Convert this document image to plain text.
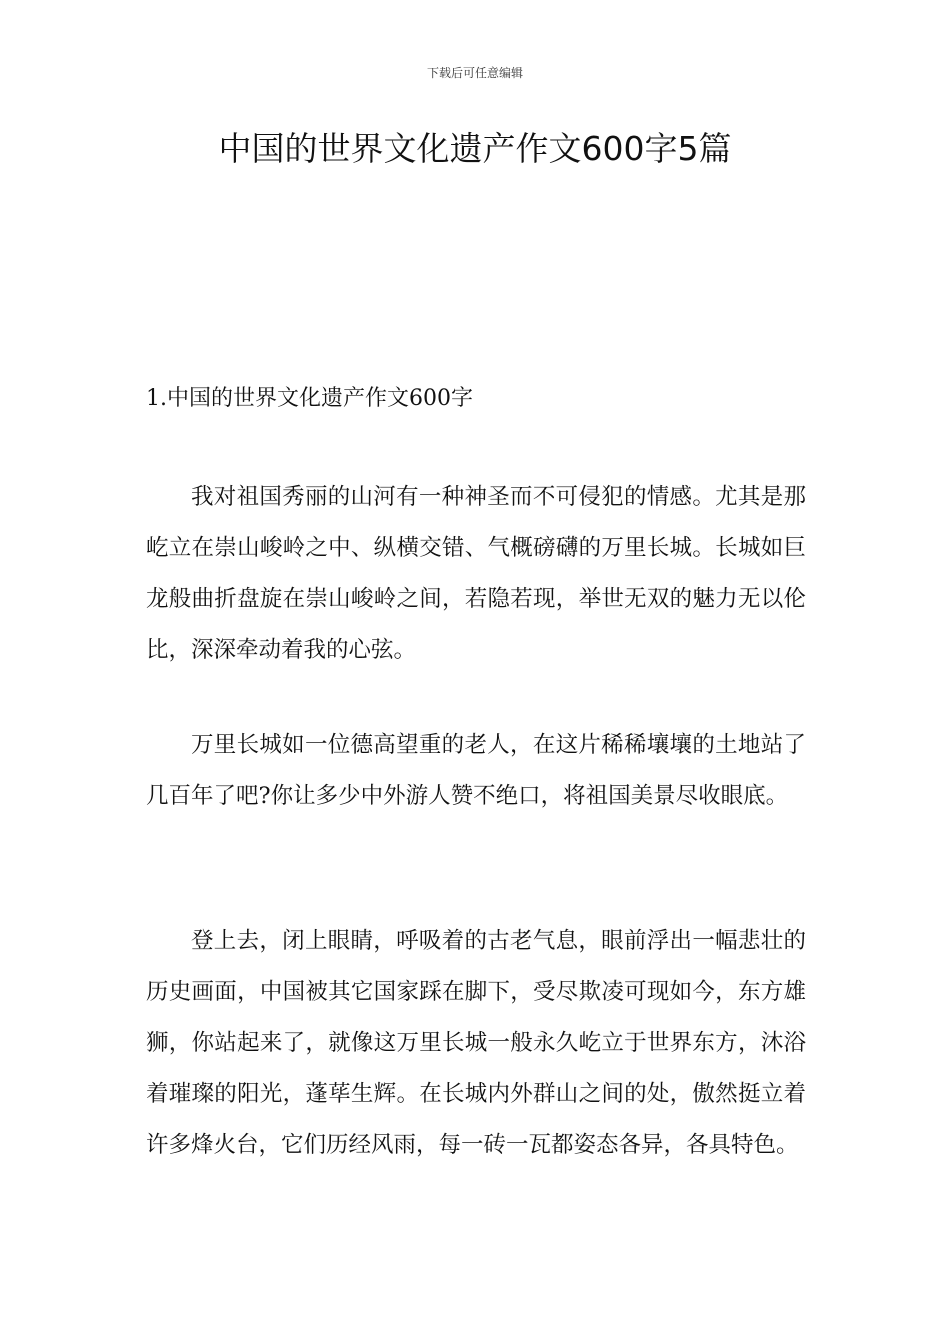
下载后可任意编辑
中国的世界文化遗产作文600字5篇
1.中国的世界文化遗产作文600字

我对祖国秀丽的山河有一种神圣而不可侵犯的情感。尤其是那屹立在崇山峻岭之中、纵横交错、气概磅礴的万里长城。长城如巨龙般曲折盘旋在崇山峻岭之间，若隐若现，举世无双的魅力无以伦比，深深牵动着我的心弦。

万里长城如一位德高望重的老人，在这片稀稀壤壤的土地站了几百年了吧?你让多少中外游人赞不绝口，将祖国美景尽收眼底。

登上去，闭上眼睛，呼吸着的古老气息，眼前浮出一幅悲壮的历史画面，中国被其它国家踩在脚下，受尽欺凌可现如今，东方雄狮，你站起来了，就像这万里长城一般永久屹立于世界东方，沐浴着璀璨的阳光，蓬荜生辉。在长城内外群山之间的处，傲然挺立着许多烽火台，它们历经风雨，每一砖一瓦都姿态各异，各具特色。
